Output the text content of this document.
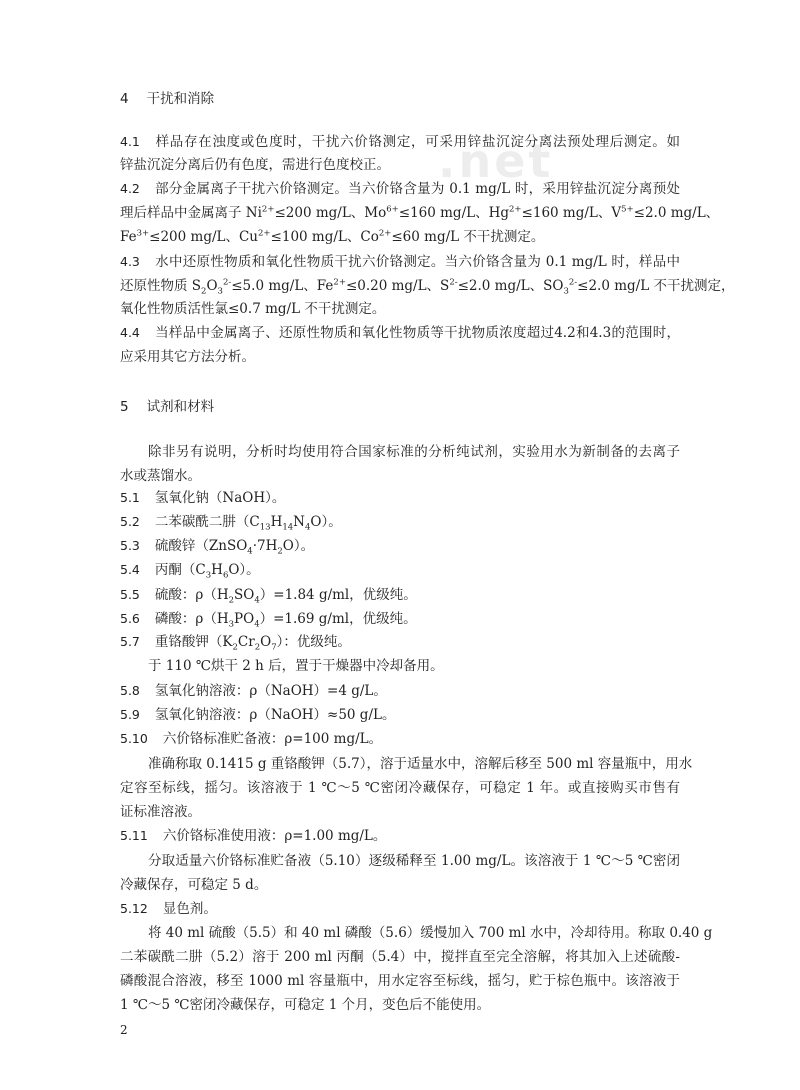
.net
4 干扰和消除
4.1 样品存在浊度或色度时，干扰六价铬测定，可采用锌盐沉淀分离法预处理后测定。如
锌盐沉淀分离后仍有色度，需进行色度校正。
4.2 部分金属离子干扰六价铬测定。当六价铬含量为 0.1 mg/L 时，采用锌盐沉淀分离预处
理后样品中金属离子 $Ni^{2+}\le 200$ mg/L、$Mo^{6+}\le 160$ mg/L、$Hg^{2+}\le 160$ mg/L、$V^{5+}\le 2.0$ mg/L、
$Fe^{3+}\le 200$ mg/L、$Cu^{2+}\le 100$ mg/L、$Co^{2+}\le 60$ mg/L 不干扰测定。
4.3 水中还原性物质和氧化性物质干扰六价铬测定。当六价铬含量为 0.1 mg/L 时，样品中
还原性物质 $S_2O_3^{2-}\le 5.0$ mg/L、$Fe^{2+}\le 0.20$ mg/L、$S^{2-}\le 2.0$ mg/L、$SO_3^{2-}\le 2.0$ mg/L 不干扰测定，
氧化性物质活性氯≤0.7 mg/L 不干扰测定。
4.4 当样品中金属离子、还原性物质和氧化性物质等干扰物质浓度超过4.2和4.3的范围时，
应采用其它方法分析。
5 试剂和材料
除非另有说明，分析时均使用符合国家标准的分析纯试剂，实验用水为新制备的去离子
水或蒸馏水。
5.1 氢氧化钠（NaOH）。
5.2 二苯碳酰二肼$(C_{13}H_{14}N_4O)$。
5.3 硫酸锌$(ZnSO_4\cdot 7H_2O)$。
5.4 丙酮$(C_3H_6O)$。
5.5 硫酸：$\rho(H_2SO_4)=1.84$ g/ml，优级纯。
5.6 磷酸：$\rho(H_3PO_4)=1.69$ g/ml，优级纯。
5.7 重铬酸钾$(K_2Cr_2O_7)$：优级纯。
于 110 ℃烘干 2 h 后，置于干燥器中冷却备用。
5.8 氢氧化钠溶液：ρ（NaOH）=4 g/L。
5.9 氢氧化钠溶液：ρ（NaOH）≈50 g/L。
5.10 六价铬标准贮备液：ρ=100 mg/L。
准确称取 0.1415 g 重铬酸钾（5.7），溶于适量水中，溶解后移至 500 ml 容量瓶中，用水
定容至标线，摇匀。该溶液于 1 ℃～5 ℃密闭冷藏保存，可稳定 1 年。或直接购买市售有
证标准溶液。
5.11 六价铬标准使用液：ρ=1.00 mg/L。
分取适量六价铬标准贮备液（5.10）逐级稀释至 1.00 mg/L。该溶液于 1 ℃～5 ℃密闭
冷藏保存，可稳定 5 d。
5.12 显色剂。
将 40 ml 硫酸（5.5）和 40 ml 磷酸（5.6）缓慢加入 700 ml 水中，冷却待用。称取 0.40 g
二苯碳酰二肼（5.2）溶于 200 ml 丙酮（5.4）中，搅拌直至完全溶解，将其加入上述硫酸-
磷酸混合溶液，移至 1000 ml 容量瓶中，用水定容至标线，摇匀，贮于棕色瓶中。该溶液于
1 ℃～5 ℃密闭冷藏保存，可稳定 1 个月，变色后不能使用。
2
